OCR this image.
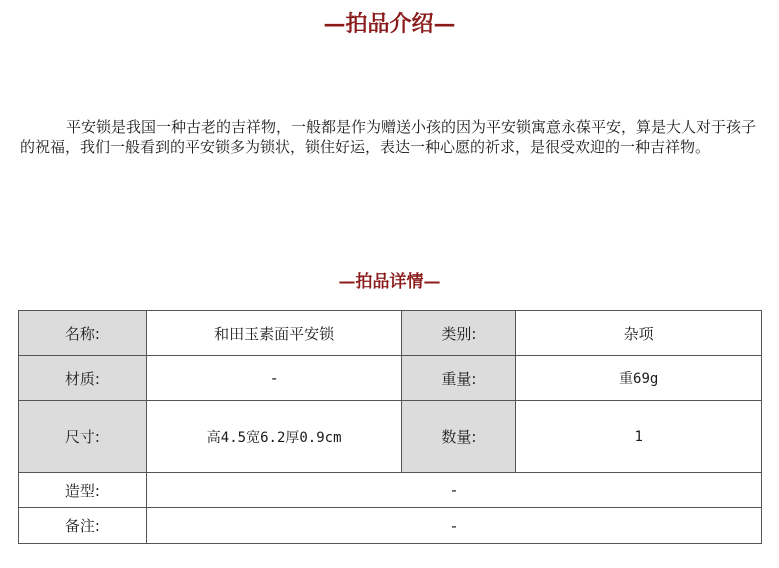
—拍品介绍—
平安锁是我国一种古老的吉祥物，一般都是作为赠送小孩的因为平安锁寓意永葆平安，算是大人对于孩子的祝福，我们一般看到的平安锁多为锁状，锁住好运，表达一种心愿的祈求，是很受欢迎的一种吉祥物。
—拍品详情—
名称:	和田玉素面平安锁	类别:	杂项
材质:	-	重量:	重69g
尺寸:	高4.5宽6.2厚0.9cm	数量:	1
造型:	-		
备注:	-		
